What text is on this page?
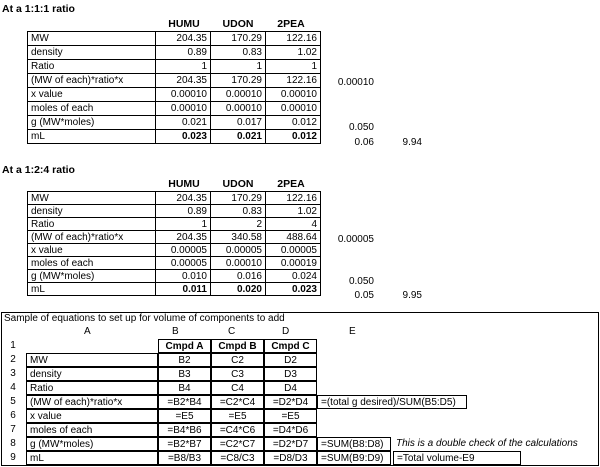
At a 1:1:1 ratio
HUMU	UDON	2PEA
MW	204.35	170.29	122.16
density	0.89	0.83	1.02
Ratio	1	1	1
(MW of each)*ratio*x	204.35	170.29	122.16
x value	0.00010	0.00010	0.00010
moles of each	0.00010	0.00010	0.00010
g (MW*moles)	0.021	0.017	0.012
mL	0.023	0.021	0.012
0.00010
0.050
0.06	9.94
At a 1:2:4 ratio
HUMU	UDON	2PEA
MW	204.35	170.29	122.16
density	0.89	0.83	1.02
Ratio	1	2	4
(MW of each)*ratio*x	204.35	340.58	488.64
x value	0.00005	0.00005	0.00005
moles of each	0.00005	0.00010	0.00019
g (MW*moles)	0.010	0.016	0.024
mL	0.011	0.020	0.023
0.00005
0.050
0.05	9.95
Sample of equations to set up for volume of components to add
A	B	C	D	E
1	Cmpd A	Cmpd B	Cmpd C
2	MW	B2	C2	D2
3	density	B3	C3	D3
4	Ratio	B4	C4	D4
5	(MW of each)*ratio*x	=B2*B4	=C2*C4	=D2*D4	=(total g desired)/SUM(B5:D5)
6	x value	=E5	=E5	=E5
7	moles of each	=B4*B6	=C4*C6	=D4*D6
8	g (MW*moles)	=B2*B7	=C2*C7	=D2*D7	=SUM(B8:D8)	This is a double check of the calculations
9	mL	=B8/B3	=C8/C3	=D8/D3	=SUM(B9:D9)	=Total volume-E9
